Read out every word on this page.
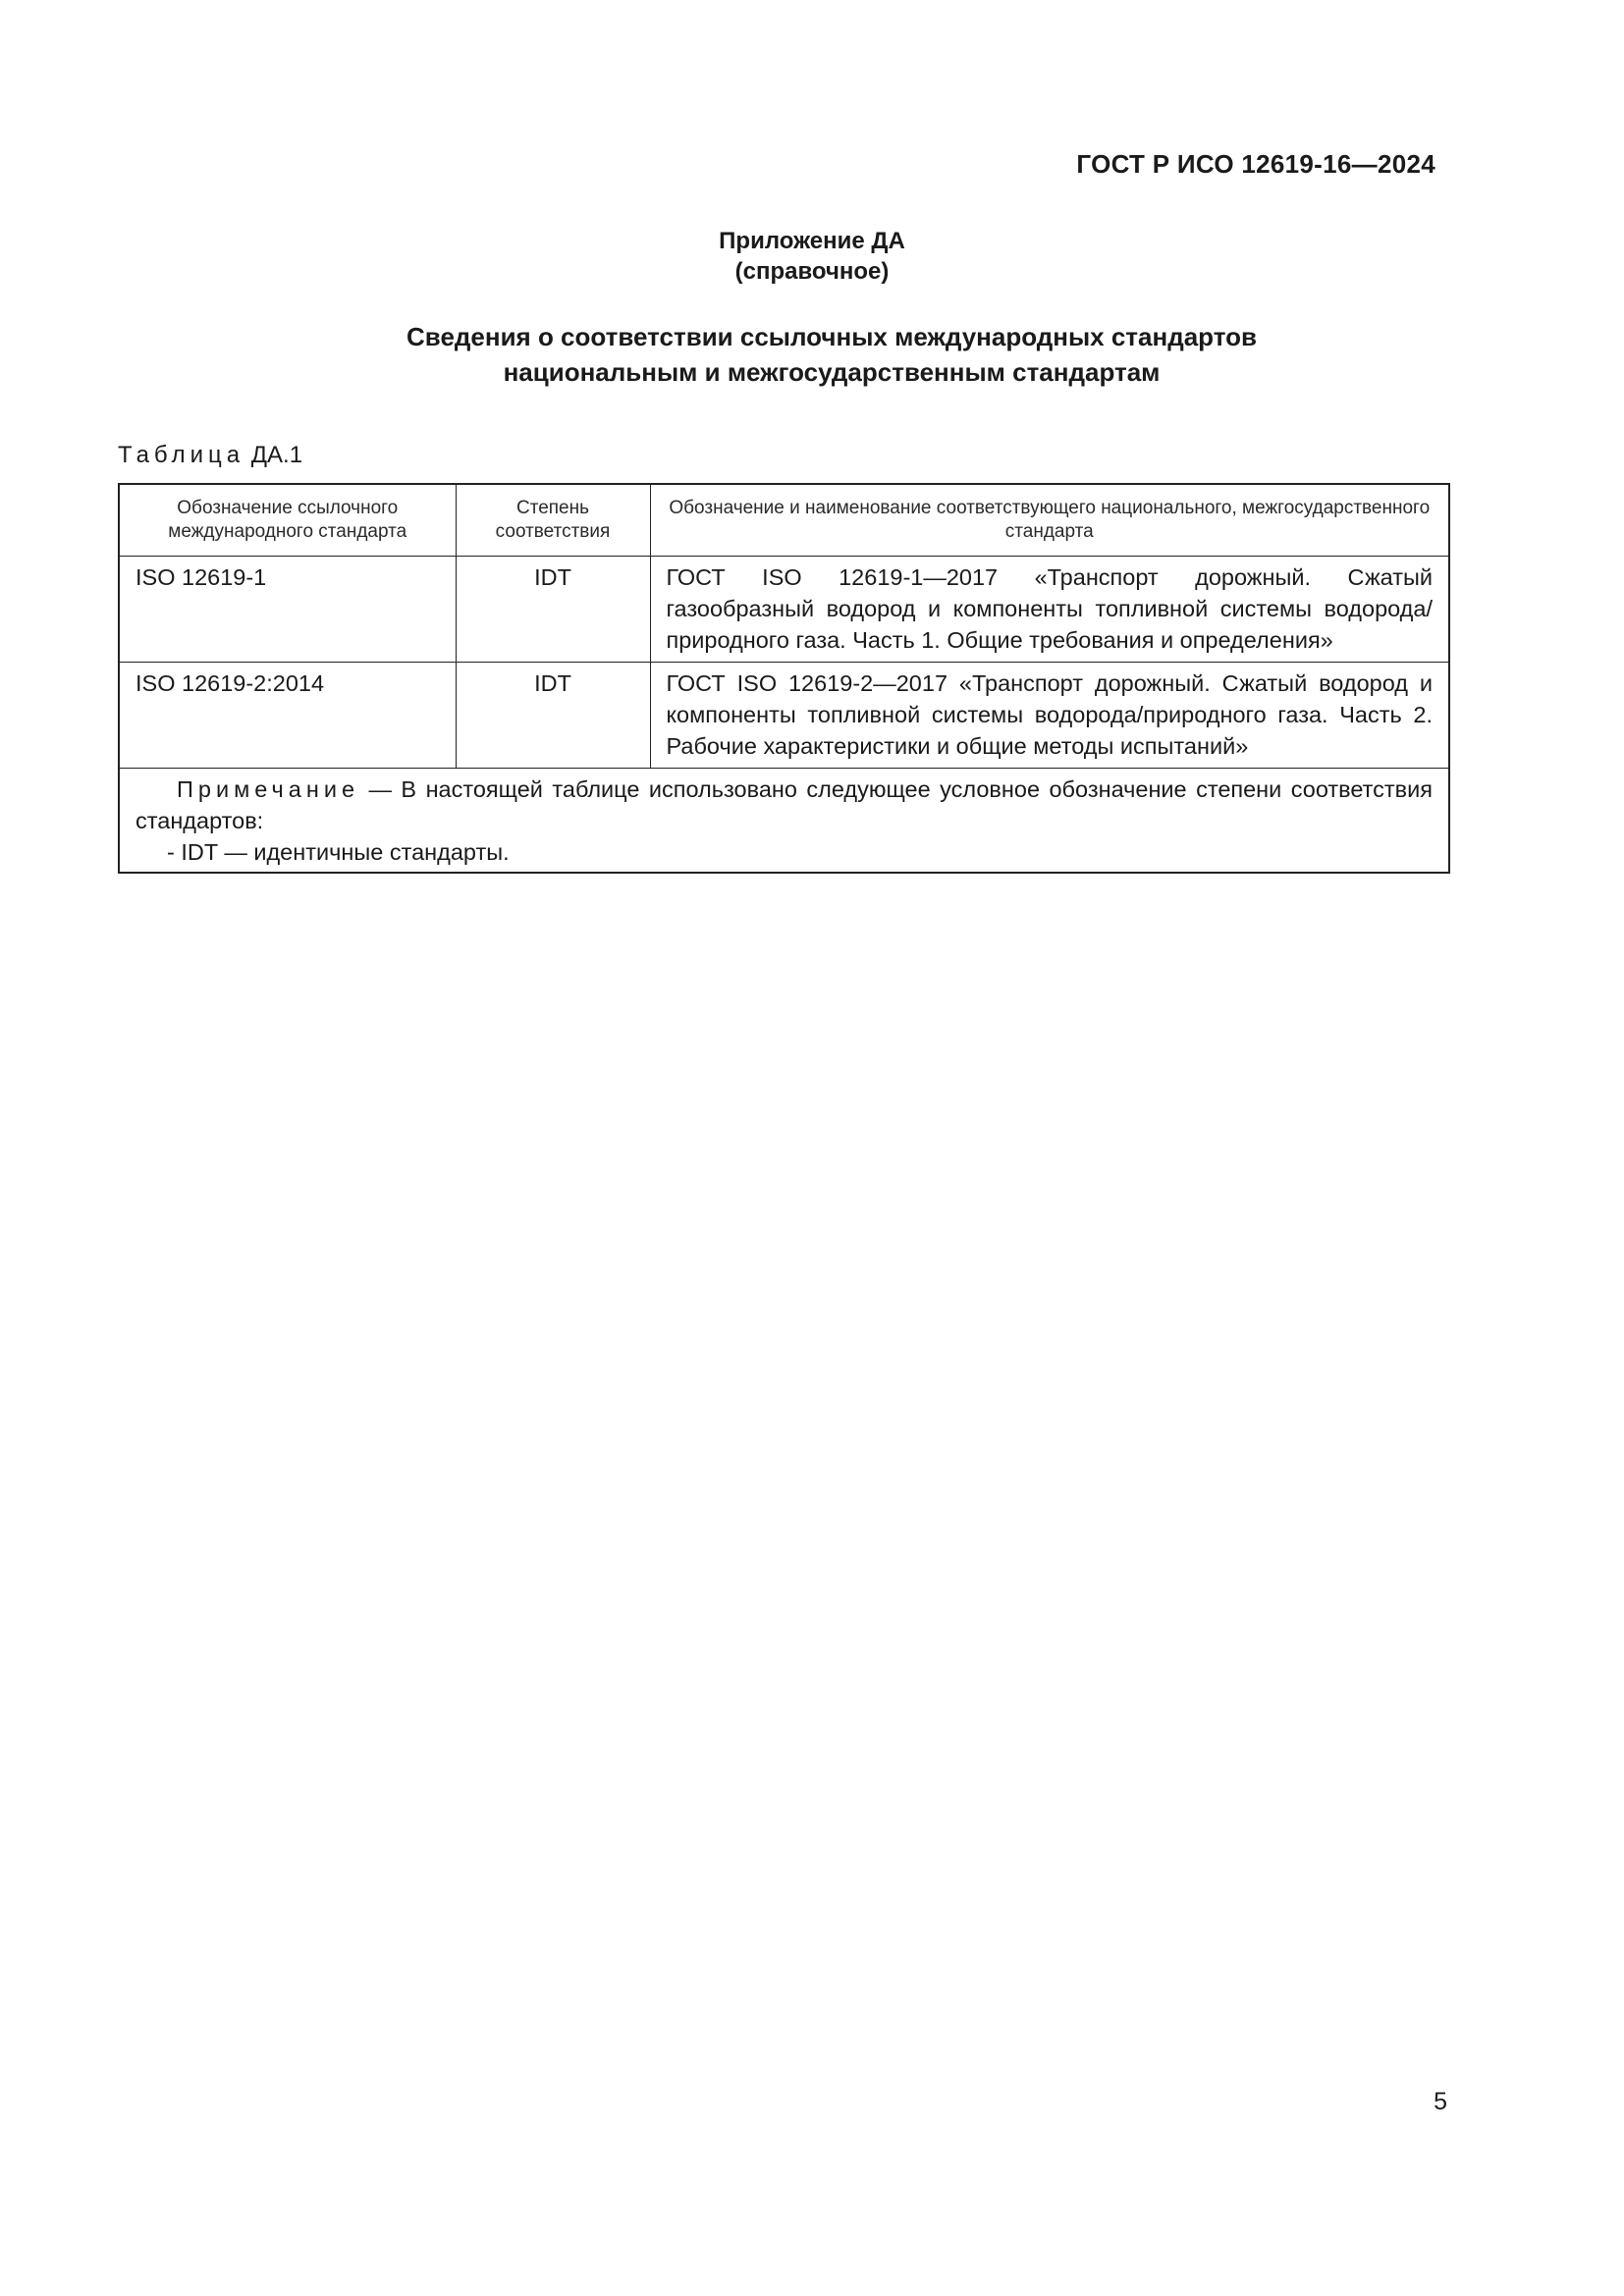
ГОСТ Р ИСО 12619-16—2024
Приложение ДА
(справочное)
Сведения о соответствии ссылочных международных стандартов
национальным и межгосударственным стандартам
Таблица ДА.1
Обозначение ссылочного международного стандарта	Степень соответствия	Обозначение и наименование соответствующего национального, межгосударственного стандарта
ISO 12619-1	IDT	ГОСТ ISO 12619-1—2017 «Транспорт дорожный. Сжатый газообразный водород и компоненты топливной системы водорода/природного газа. Часть 1. Общие требования и определения»
ISO 12619-2:2014	IDT	ГОСТ ISO 12619-2—2017 «Транспорт дорожный. Сжатый водород и компоненты топливной системы водорода/природного газа. Часть 2. Рабочие характеристики и общие методы испытаний»

Примечание — В настоящей таблице использовано следующее условное обозначение степени соответствия стандартов:
- IDT — идентичные стандарты.		
5
